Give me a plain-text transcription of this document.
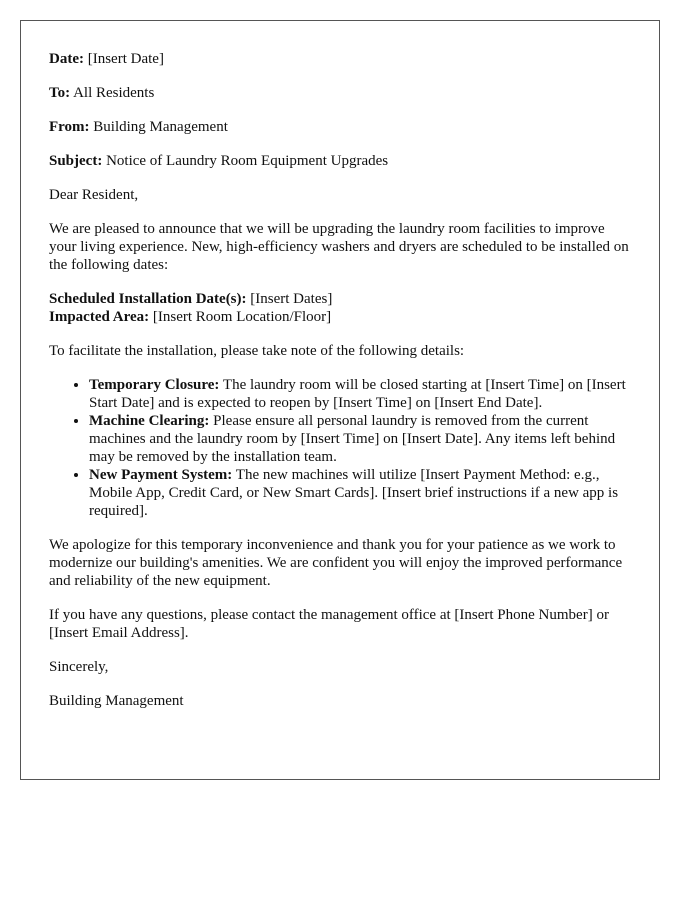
Date: [Insert Date]

To: All Residents

From: Building Management

Subject: Notice of Laundry Room Equipment Upgrades

Dear Resident,

We are pleased to announce that we will be upgrading the laundry room facilities to improve your living experience. New, high-efficiency washers and dryers are scheduled to be installed on the following dates:

Scheduled Installation Date(s): [Insert Dates]
Impacted Area: [Insert Room Location/Floor]

To facilitate the installation, please take note of the following details:

• Temporary Closure: The laundry room will be closed starting at [Insert Time] on [Insert Start Date] and is expected to reopen by [Insert Time] on [Insert End Date].
• Machine Clearing: Please ensure all personal laundry is removed from the current machines and the laundry room by [Insert Time] on [Insert Date]. Any items left behind may be removed by the installation team.
• New Payment System: The new machines will utilize [Insert Payment Method: e.g., Mobile App, Credit Card, or New Smart Cards]. [Insert brief instructions if a new app is required].

We apologize for this temporary inconvenience and thank you for your patience as we work to modernize our building's amenities. We are confident you will enjoy the improved performance and reliability of the new equipment.

If you have any questions, please contact the management office at [Insert Phone Number] or [Insert Email Address].

Sincerely,

Building Management
